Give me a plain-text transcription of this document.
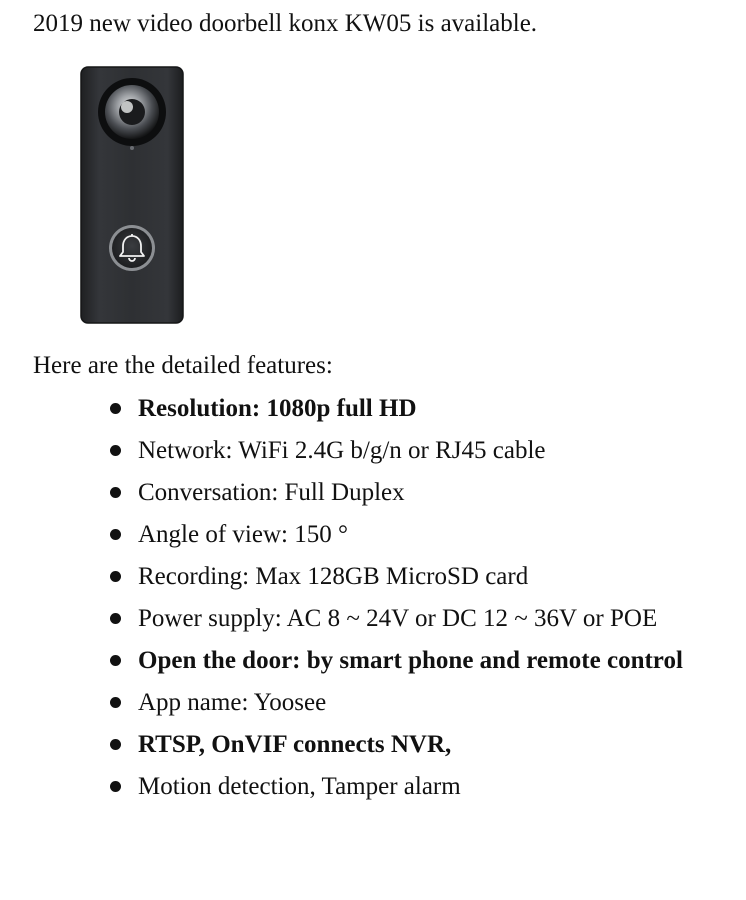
2019 new video doorbell konx KW05 is available.
Here are the detailed features:
Resolution: 1080p full HD
Network: WiFi 2.4G b/g/n or RJ45 cable
Conversation: Full Duplex
Angle of view: 150 °
Recording: Max 128GB MicroSD card
Power supply: AC 8 ~ 24V or DC 12 ~ 36V or POE
Open the door: by smart phone and remote control
App name: Yoosee
RTSP, OnVIF connects NVR,
Motion detection, Tamper alarm
